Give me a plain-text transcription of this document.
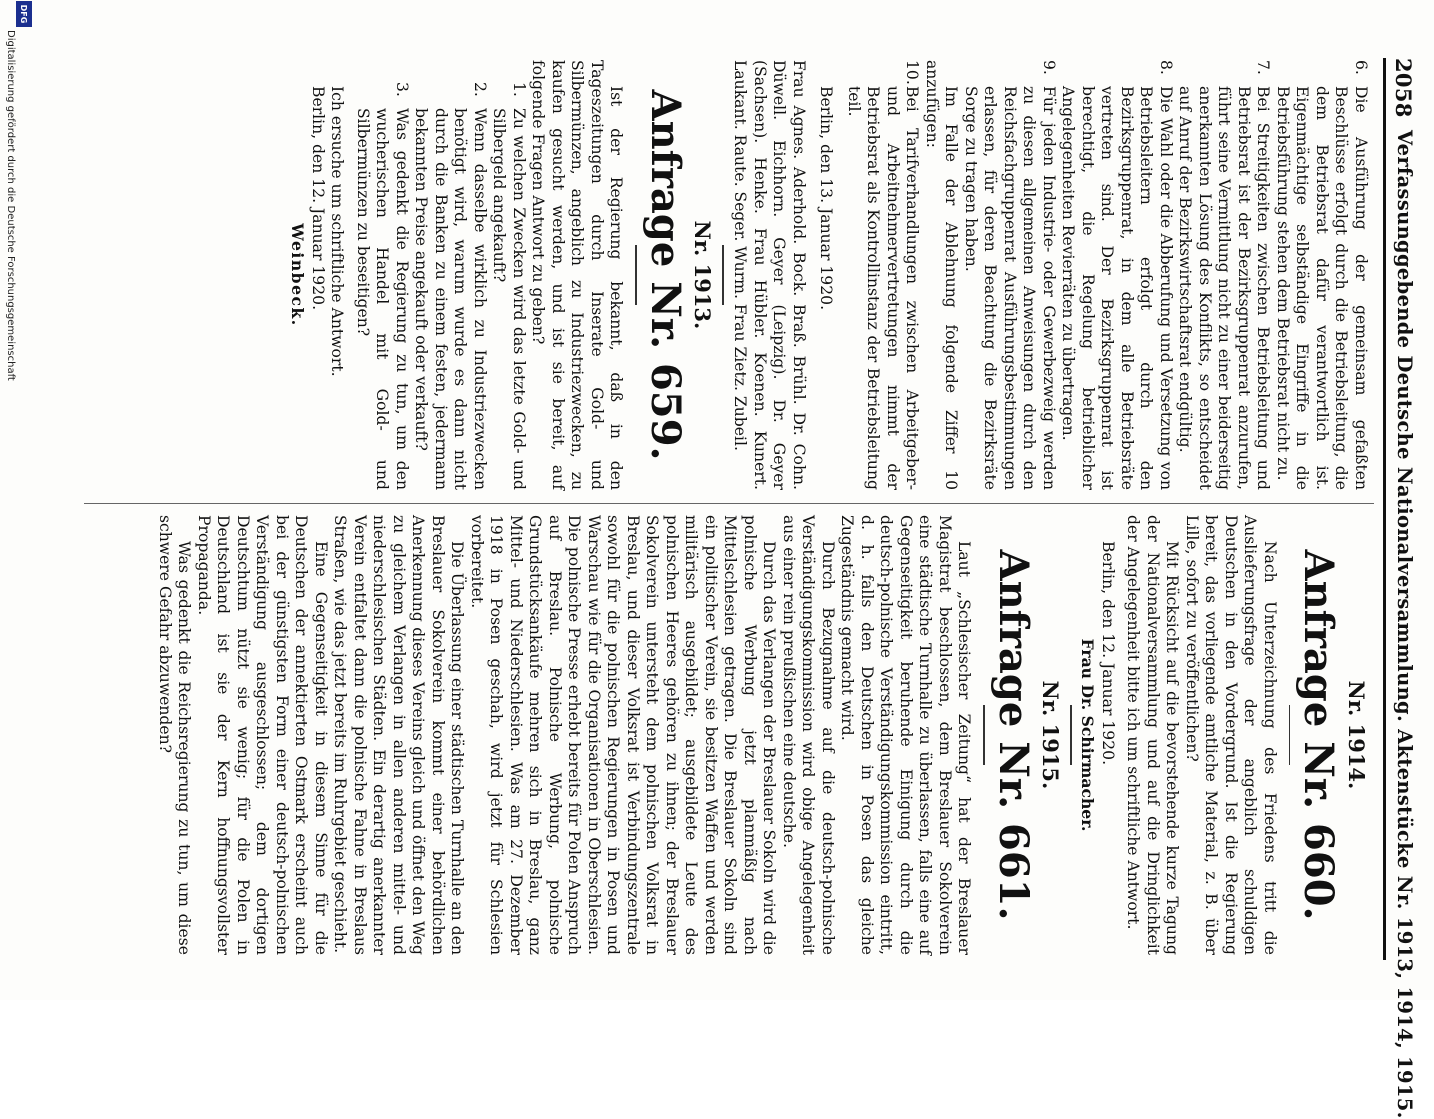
2058
Verfassunggebende Deutsche Nationalversammlung. Aktenstücke Nr. 1913, 1914, 1915.
6.

Die Ausführung der gemeinsam gefaßten Beschlüsse erfolgt durch die Betriebsleitung, die dem Betriebsrat dafür verantwortlich ist. Eigenmächtige selbständige Eingriffe in die Betriebsführung stehen dem Betriebsrat nicht zu.

7.

Bei Streitigkeiten zwischen Betriebsleitung und Betriebsrat ist der Bezirksgruppenrat anzurufen, führt seine Vermittlung nicht zu einer beiderseitig anerkannten Lösung des Konflikts, so entscheidet auf Anruf der Bezirkswirtschaftsrat endgültig.

8.

Die Wahl oder die Abberufung und Versetzung von Betriebsleitern erfolgt durch den Bezirksgruppenrat, in dem alle Betriebsräte vertreten sind. Der Bezirksgruppenrat ist berechtigt, die Regelung betrieblicher Angelegenheiten Revierräten zu übertragen.

9.

Für jeden Industrie- oder Gewerbezweig werden zu diesen allgemeinen Anweisungen durch den Reichsfachgruppenrat Ausführungsbestimmungen erlassen, für deren Beachtung die Bezirksräte Sorge zu tragen haben.

Im Falle der Ablehnung folgende Ziffer 10 anzufügen:

10.

Bei Tarifverhandlungen zwischen Arbeitgeber- und Arbeitnehmervertretungen nimmt der Betriebsrat als Kontrollinstanz der Betriebsleitung teil.

Berlin, den 13. Januar 1920.

Frau Agnes. Aderhold. Bock. Braß. Brühl. Dr. Cohn. Düwell. Eichhorn. Geyer (Leipzig). Dr. Geyer (Sachsen). Henke. Frau Hübler. Koenen. Kunert. Laukant. Raute. Seger. Wurm. Frau Zietz. Zubeil.

Nr. 1913.
Anfrage Nr. 659.

Ist der Regierung bekannt, daß in den Tageszeitungen durch Inserate Gold- und Silbermünzen, angeblich zu Industriezwecken, zu kaufen gesucht werden, und ist sie bereit, auf folgende Fragen Antwort zu geben?

1.

Zu welchen Zwecken wird das letzte Gold- und Silbergeld angekauft?

2.

Wenn dasselbe wirklich zu Industriezwecken benötigt wird, warum wurde es dann nicht durch die Banken zu einem festen, jedermann bekannten Preise angekauft oder verkauft?

3.

Was gedenkt die Regierung zu tun, um den wucherischen Handel mit Gold- und Silbermünzen zu beseitigen?

Ich ersuche um schriftliche Antwort.

Berlin, den 12. Januar 1920.

Weinbeck.

Nr. 1914.
Anfrage Nr. 660.

Nach Unterzeichnung des Friedens tritt die Auslieferungsfrage der angeblich schuldigen Deutschen in den Vordergrund. Ist die Regierung bereit, das vorliegende amtliche Material, z. B. über Lille, sofort zu veröffentlichen?

Mit Rücksicht auf die bevorstehende kurze Tagung der Nationalversammlung und auf die Dringlichkeit der Angelegenheit bitte ich um schriftliche Antwort.

Berlin, den 12. Januar 1920.

Frau Dr. Schirmacher.

Nr. 1915.
Anfrage Nr. 661.

Laut „Schlesischer Zeitung“ hat der Breslauer Magistrat beschlossen, dem Breslauer Sokolverein eine städtische Turnhalle zu überlassen, falls eine auf Gegenseitigkeit beruhende Einigung durch die deutsch-polnische Verständigungskommission eintritt, d. h. falls den Deutschen in Posen das gleiche Zugeständnis gemacht wird.

Durch Bezugnahme auf die deutsch-polnische Verständigungskommission wird obige Angelegenheit aus einer rein preußischen eine deutsche.

Durch das Verlangen der Breslauer Sokoln wird die polnische Werbung jetzt planmäßig nach Mittelschlesien getragen. Die Breslauer Sokoln sind ein politischer Verein, sie besitzen Waffen und werden militärisch ausgebildet; ausgebildete Leute des polnischen Heeres gehören zu ihnen; der Breslauer Sokolverein untersteht dem polnischen Volksrat in Breslau, und dieser Volksrat ist Verbindungszentrale sowohl für die polnischen Regierungen in Posen und Warschau wie für die Organisationen in Oberschlesien. Die polnische Presse erhebt bereits für Polen Anspruch auf Breslau. Polnische Werbung, polnische Grundstücksankäufe mehren sich in Breslau, ganz Mittel- und Niederschlesien. Was am 27. Dezember 1918 in Posen geschah, wird jetzt für Schlesien vorbereitet.

Die Überlassung einer städtischen Turnhalle an den Breslauer Sokolverein kommt einer behördlichen Anerkennung dieses Vereins gleich und öffnet den Weg zu gleichem Verlangen in allen anderen mittel- und niederschlesischen Städten. Ein derartig anerkannter Verein entfaltet dann die polnische Fahne in Breslaus Straßen, wie das jetzt bereits im Ruhrgebiet geschieht.

Eine Gegenseitigkeit in diesem Sinne für die Deutschen der annektierten Ostmark erscheint auch bei der günstigsten Form einer deutsch-polnischen Verständigung ausgeschlossen; dem dortigen Deutschtum nützt sie wenig; für die Polen in Deutschland ist sie der Kern hoffnungsvollster Propaganda.

Was gedenkt die Reichsregierung zu tun, um diese schwere Gefahr abzuwenden?

Digitalisierung gefördert durch die Deutsche Forschungsgemeinschaft
DFG
